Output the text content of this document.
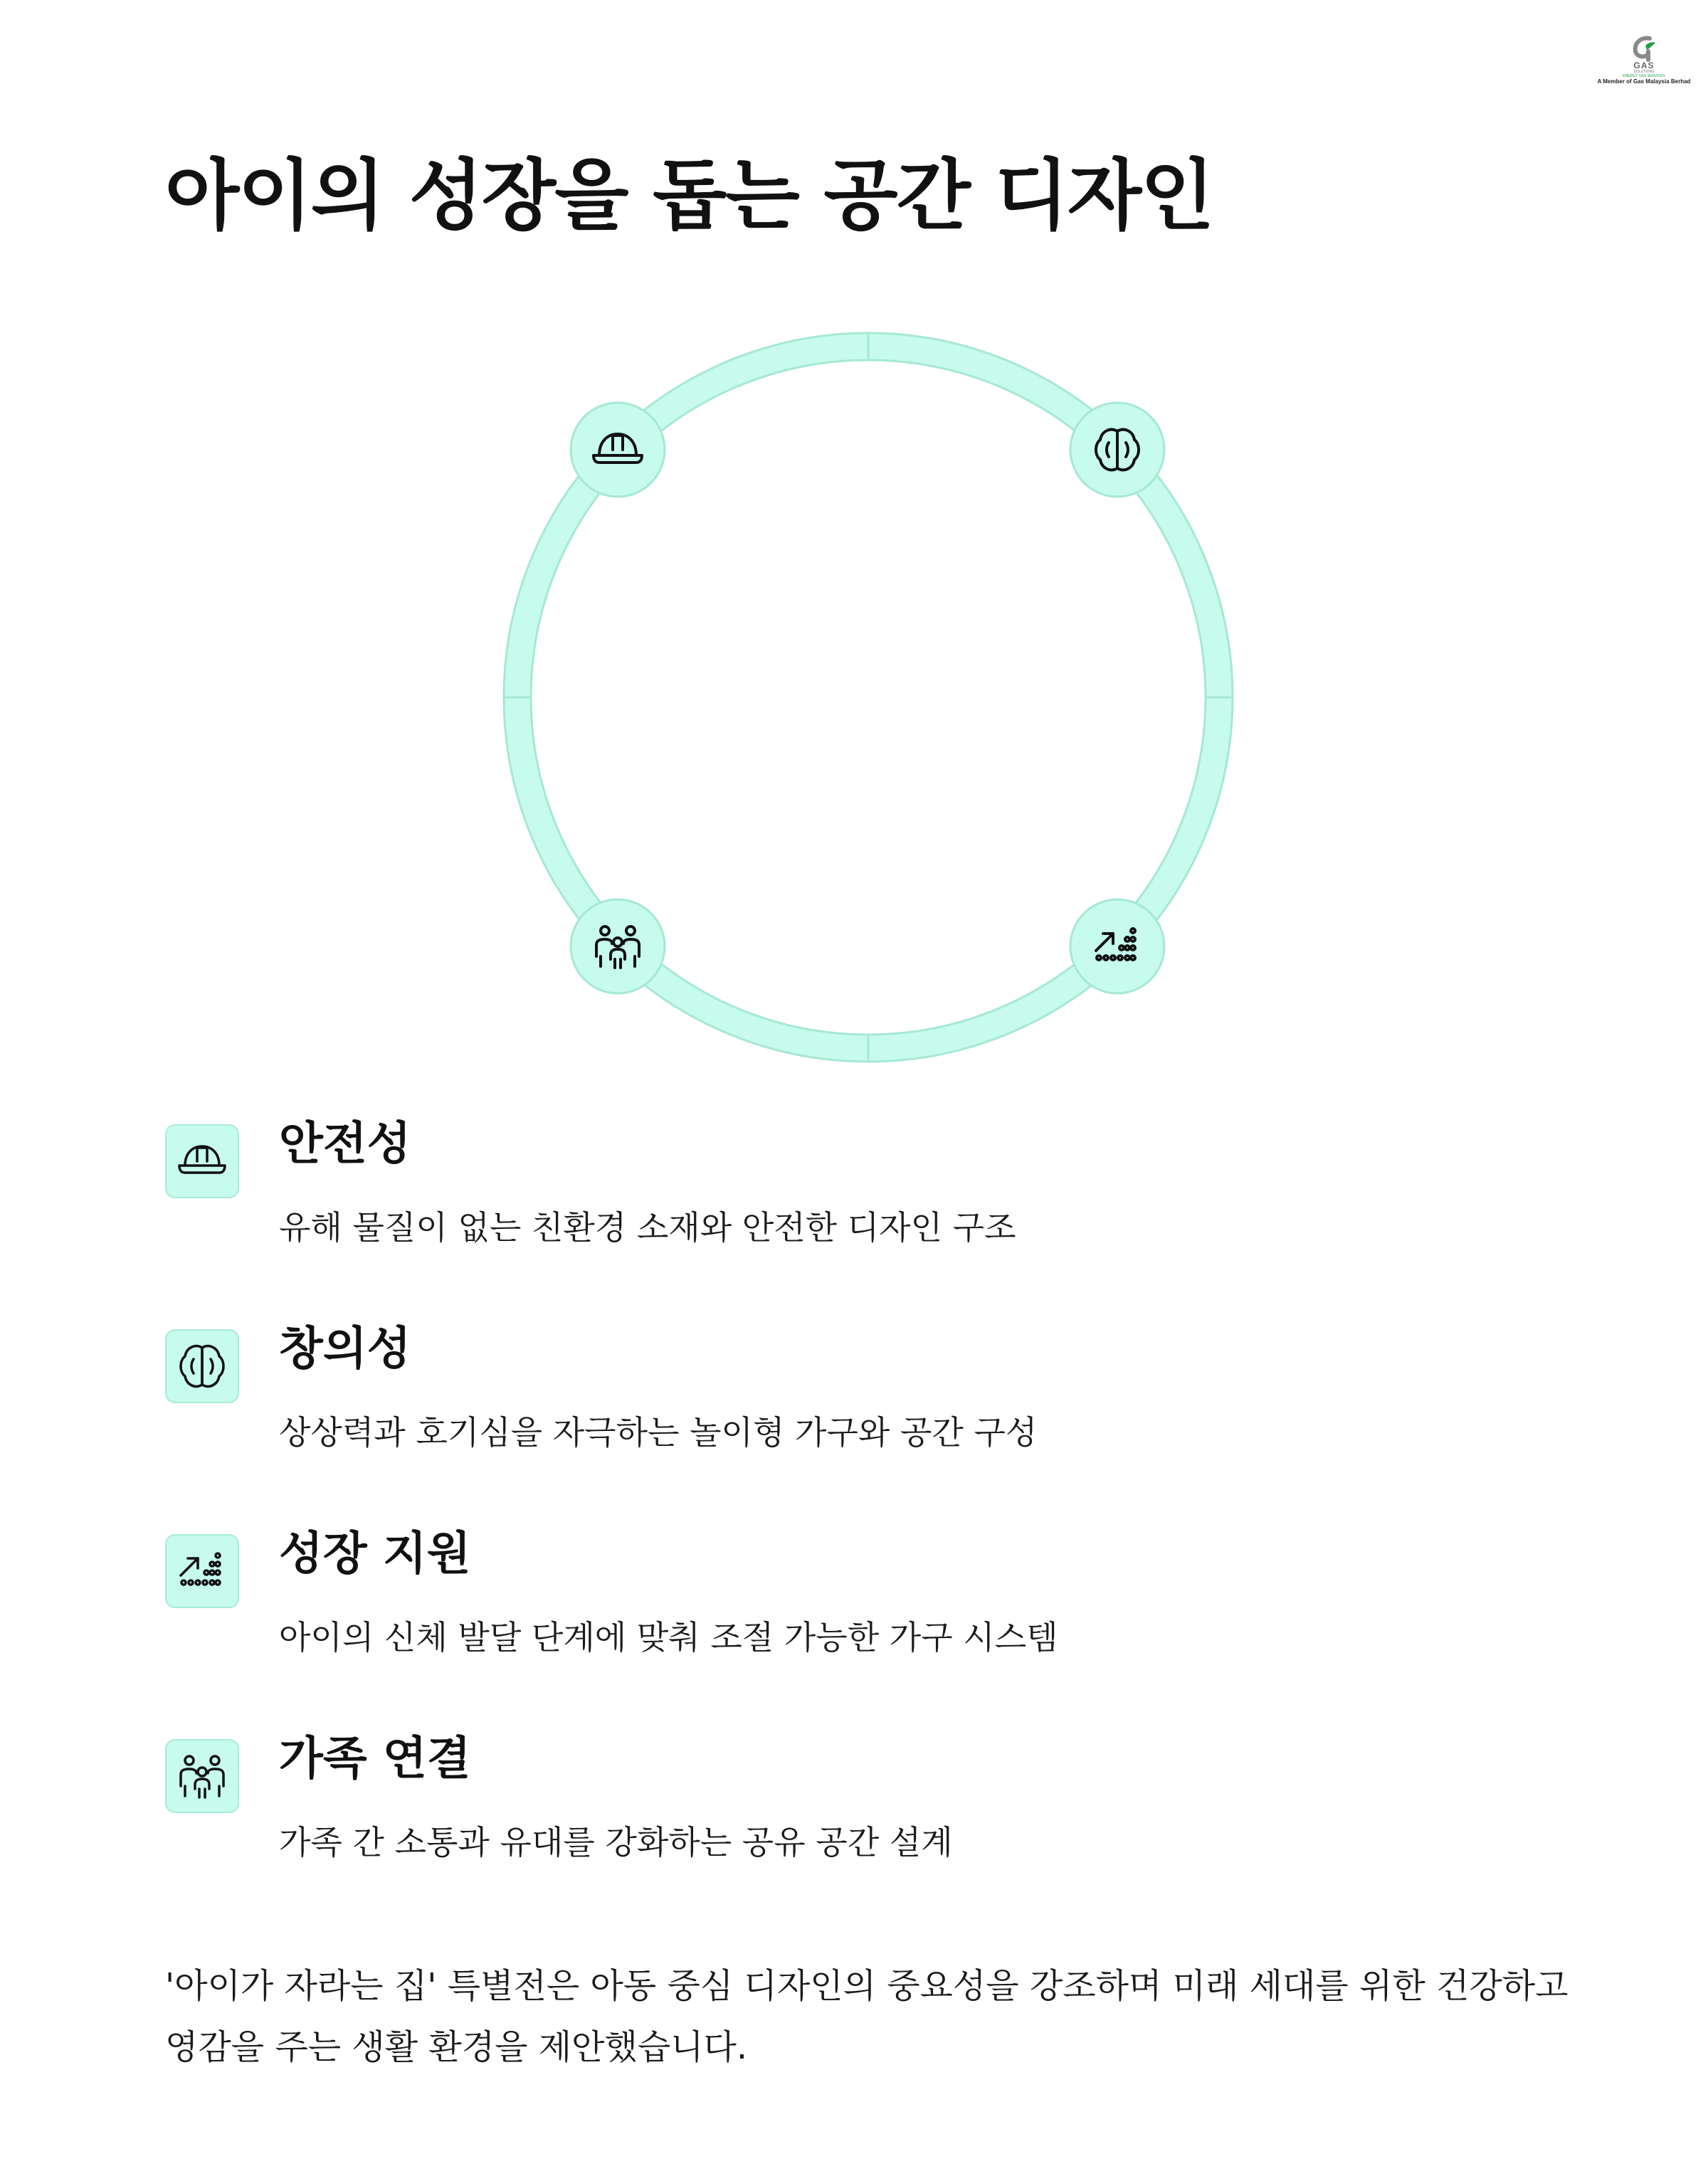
GAS
SOLUTIONS
ENERGY GAS SERVICES
A Member of Gas Malaysia Berhad
아이의 성장을 돕는 공간 디자인
안전성
유해 물질이 없는 친환경 소재와 안전한 디자인 구조
창의성
상상력과 호기심을 자극하는 놀이형 가구와 공간 구성
성장 지원
아이의 신체 발달 단계에 맞춰 조절 가능한 가구 시스템
가족 연결
가족 간 소통과 유대를 강화하는 공유 공간 설계

'아이가 자라는 집' 특별전은 아동 중심 디자인의 중요성을 강조하며 미래 세대를 위한 건강하고 영감을 주는 생활 환경을 제안했습니다.
